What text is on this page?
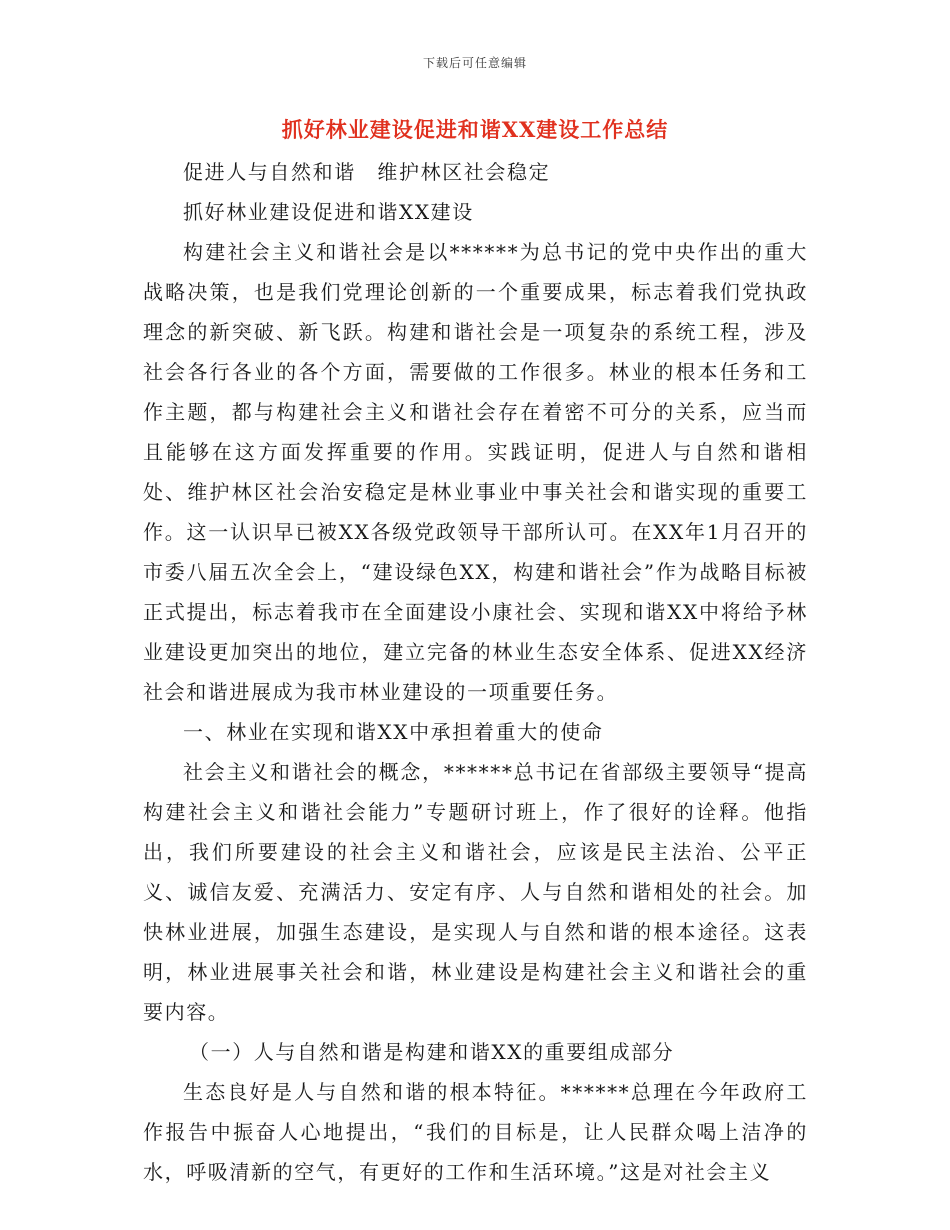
下载后可任意编辑
抓好林业建设促进和谐XX建设工作总结

促进人与自然和谐　维护林区社会稳定

抓好林业建设促进和谐XX建设

构建社会主义和谐社会是以******为总书记的党中央作出的重大战略决策，也是我们党理论创新的一个重要成果，标志着我们党执政理念的新突破、新飞跃。构建和谐社会是一项复杂的系统工程，涉及社会各行各业的各个方面，需要做的工作很多。林业的根本任务和工作主题，都与构建社会主义和谐社会存在着密不可分的关系，应当而且能够在这方面发挥重要的作用。实践证明，促进人与自然和谐相处、维护林区社会治安稳定是林业事业中事关社会和谐实现的重要工作。这一认识早已被XX各级党政领导干部所认可。在XX年1月召开的市委八届五次全会上，“建设绿色XX，构建和谐社会”作为战略目标被正式提出，标志着我市在全面建设小康社会、实现和谐XX中将给予林业建设更加突出的地位，建立完备的林业生态安全体系、促进XX经济社会和谐进展成为我市林业建设的一项重要任务。

一、林业在实现和谐XX中承担着重大的使命

社会主义和谐社会的概念，******总书记在省部级主要领导“提高构建社会主义和谐社会能力”专题研讨班上，作了很好的诠释。他指出，我们所要建设的社会主义和谐社会，应该是民主法治、公平正义、诚信友爱、充满活力、安定有序、人与自然和谐相处的社会。加快林业进展，加强生态建设，是实现人与自然和谐的根本途径。这表明，林业进展事关社会和谐，林业建设是构建社会主义和谐社会的重要内容。

（一）人与自然和谐是构建和谐XX的重要组成部分

生态良好是人与自然和谐的根本特征。******总理在今年政府工作报告中振奋人心地提出，“我们的目标是，让人民群众喝上洁净的水，呼吸清新的空气，有更好的工作和生活环境。”这是对社会主义
